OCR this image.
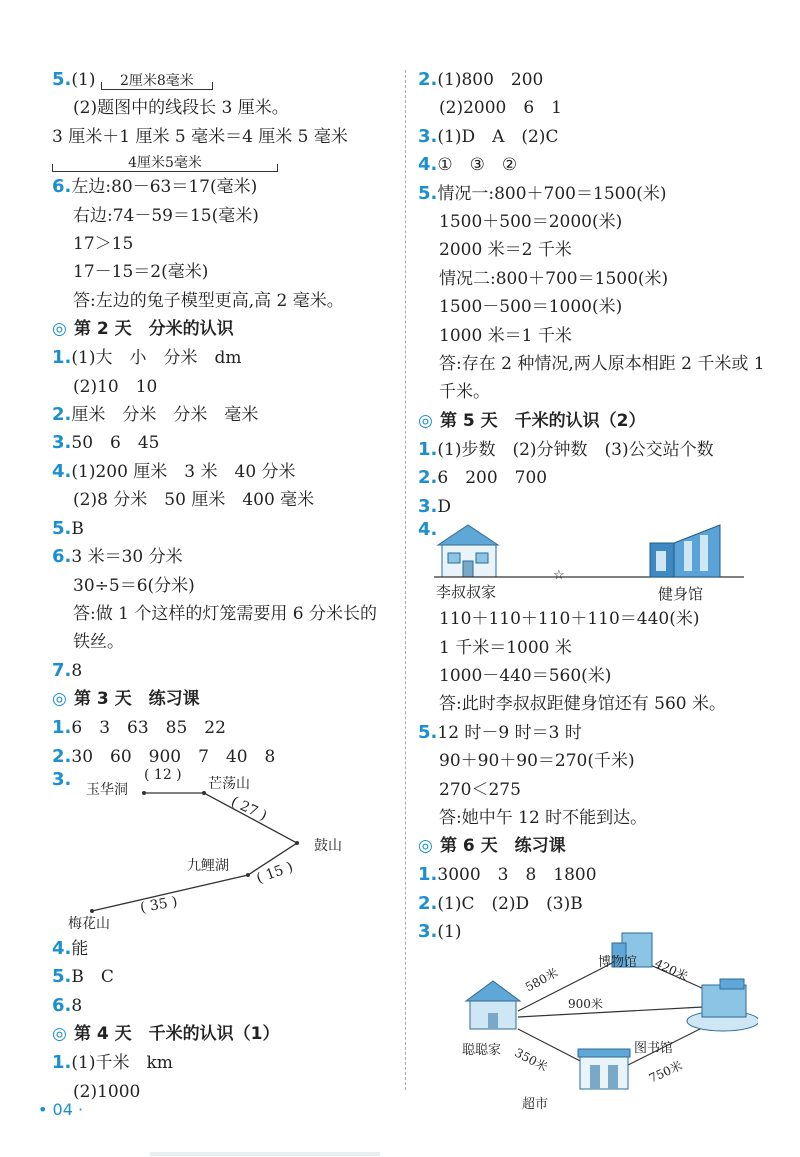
5.(1) 2厘米8毫米
(2)题图中的线段长 3 厘米。
3 厘米＋1 厘米 5 毫米＝4 厘米 5 毫米
4厘米5毫米
6.左边:80－63＝17(毫米)
右边:74－59＝15(毫米)
17＞15
17－15＝2(毫米)
答:左边的兔子模型更高,高 2 毫米。
◎ 第 2 天　分米的认识
1.(1)大　小　分米　dm
(2)10　10
2.厘米　分米　分米　毫米
3.50　6　45
4.(1)200 厘米　3 米　40 分米
(2)8 分米　50 厘米　400 毫米
5.B
6.3 米＝30 分米
30÷5＝6(分米)
答:做 1 个这样的灯笼需要用 6 分米长的铁丝。
7.8
◎ 第 3 天　练习课
1.6　3　63　85　22
2.30　60　900　7　40　8
3. 玉华洞
( 12 )
芒荡山
( 27 )
鼓山
九鲤湖 ( 15 )
( 35 )
梅花山
4.能
5.B　C
6.8
◎ 第 4 天　千米的认识（1）
1.(1)千米　km
(2)1000
2.(1)800　200
(2)2000　6　1
3.(1)D　A　(2)C
4.①　③　②
5.情况一:800＋700＝1500(米)
1500＋500＝2000(米)
2000 米＝2 千米
情况二:800＋700＝1500(米)
1500－500＝1000(米)
1000 米＝1 千米
答:存在 2 种情况,两人原本相距 2 千米或 1 千米。
◎ 第 5 天　千米的认识（2）
1.(1)步数　(2)分钟数　(3)公交站个数
2.6　200　700
3.D
4.
☆
李叔叔家	健身馆
110＋110＋110＋110＝440(米)
1 千米＝1000 米
1000－440＝560(米)
答:此时李叔叔距健身馆还有 560 米。
5.12 时－9 时＝3 时
90＋90＋90＝270(千米)
270＜275
答:她中午 12 时不能到达。
◎ 第 6 天　练习课
1.3000　3　8　1800
2.(1)C　(2)D　(3)B
3.(1)
580米
博物馆 420米
900米
聪聪家	图书馆
350米	750米
超市
• 04 ·
